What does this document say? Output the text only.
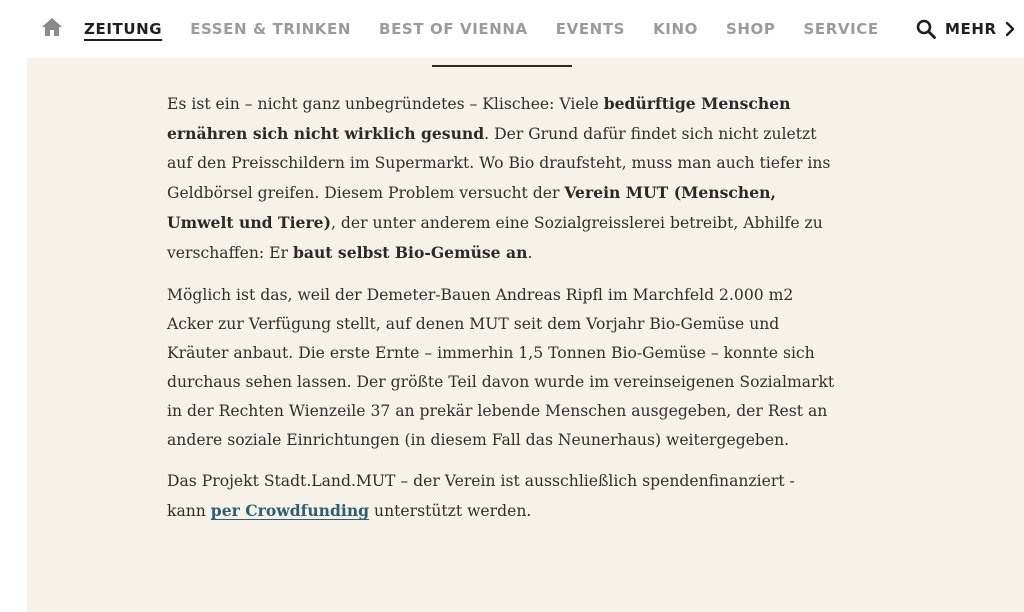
ZEITUNG ESSEN & TRINKEN BEST OF VIENNA EVENTS KINO SHOP SERVICE	MEHR

Es ist ein – nicht ganz unbegründetes – Klischee: Viele bedürftige Menschen ernähren sich nicht wirklich gesund. Der Grund dafür findet sich nicht zuletzt auf den Preisschildern im Supermarkt. Wo Bio draufsteht, muss man auch tiefer ins Geldbörsel greifen. Diesem Problem versucht der Verein MUT (Menschen, Umwelt und Tiere), der unter anderem eine Sozialgreisslerei betreibt, Abhilfe zu verschaffen: Er baut selbst Bio-Gemüse an.

Möglich ist das, weil der Demeter-Bauen Andreas Ripfl im Marchfeld 2.000 m2 Acker zur Verfügung stellt, auf denen MUT seit dem Vorjahr Bio-Gemüse und Kräuter anbaut. Die erste Ernte – immerhin 1,5 Tonnen Bio-Gemüse – konnte sich durchaus sehen lassen. Der größte Teil davon wurde im vereinseigenen Sozialmarkt in der Rechten Wienzeile 37 an prekär lebende Menschen ausgegeben, der Rest an andere soziale Einrichtungen (in diesem Fall das Neunerhaus) weitergegeben.

Das Projekt Stadt.Land.MUT – der Verein ist ausschließlich spendenfinanziert - kann per Crowdfunding unterstützt werden.
